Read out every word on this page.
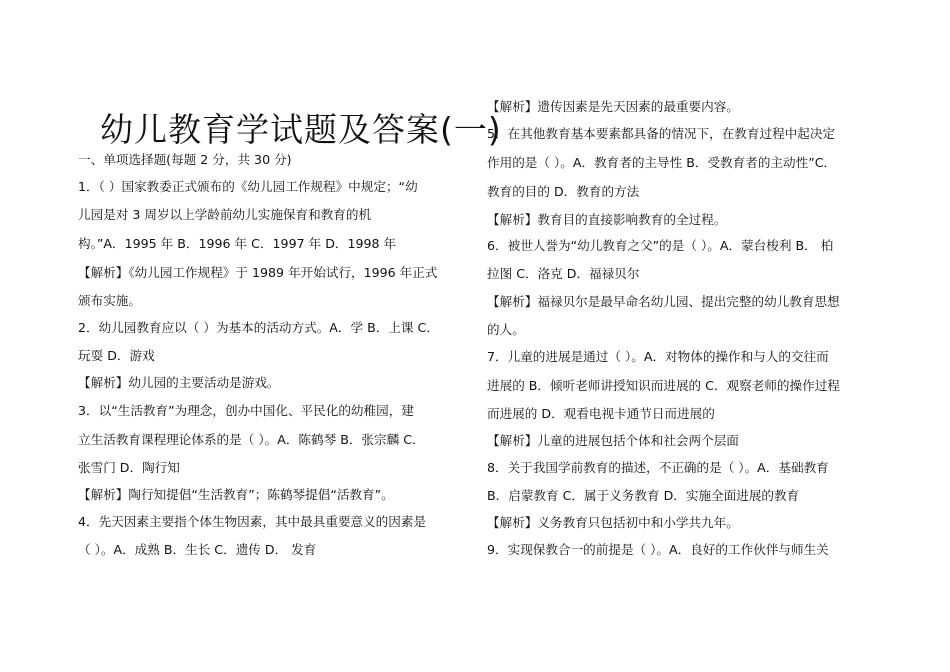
幼儿教育学试题及答案(一)
一、单项选择题(每题 2 分，共 30 分)
1．（ ）国家教委正式颁布的《幼儿园工作规程》中规定；“幼
儿园是对 3 周岁以上学龄前幼儿实施保育和教育的机
构。”A．1995 年 B．1996 年 C．1997 年 D．1998 年
【解析】《幼儿园工作规程》于 1989 年开始试行，1996 年正式
颁布实施。
2．幼儿园教育应以（ ）为基本的活动方式。A．学 B．上课 C．
玩耍 D．游戏
【解析】幼儿园的主要活动是游戏。
3．以“生活教育”为理念，创办中国化、平民化的幼稚园，建
立生活教育课程理论体系的是（ ）。A．陈鹤琴 B．张宗麟 C．
张雪门 D．陶行知
【解析】陶行知提倡“生活教育”；陈鹤琴提倡“活教育”。
4．先天因素主要指个体生物因素，其中最具重要意义的因素是
（ ）。A．成熟 B．生长 C．遗传 D． 发育
【解析】遗传因素是先天因素的最重要内容。
5．在其他教育基本要素都具备的情况下，在教育过程中起决定
作用的是（ ）。A．教育者的主导性 B．受教育者的主动性”C．
教育的目的 D．教育的方法
【解析】教育目的直接影响教育的全过程。
6．被世人誉为“幼儿教育之父”的是（ ）。A．蒙台梭利 B． 柏
拉图 C．洛克 D．福禄贝尔
【解析】福禄贝尔是最早命名幼儿园、提出完整的幼儿教育思想
的人。
7．儿童的进展是通过（ ）。A．对物体的操作和与人的交往而
进展的 B．倾听老师讲授知识而进展的 C．观察老师的操作过程
而进展的 D．观看电视卡通节日而进展的
【解析】儿童的进展包括个体和社会两个层面
8．关于我国学前教育的描述，不正确的是（ ）。A．基础教育
B．启蒙教育 C．属于义务教育 D．实施全面进展的教育
【解析】义务教育只包括初中和小学共九年。
9．实现保教合一的前提是（ ）。A．良好的工作伙伴与师生关
